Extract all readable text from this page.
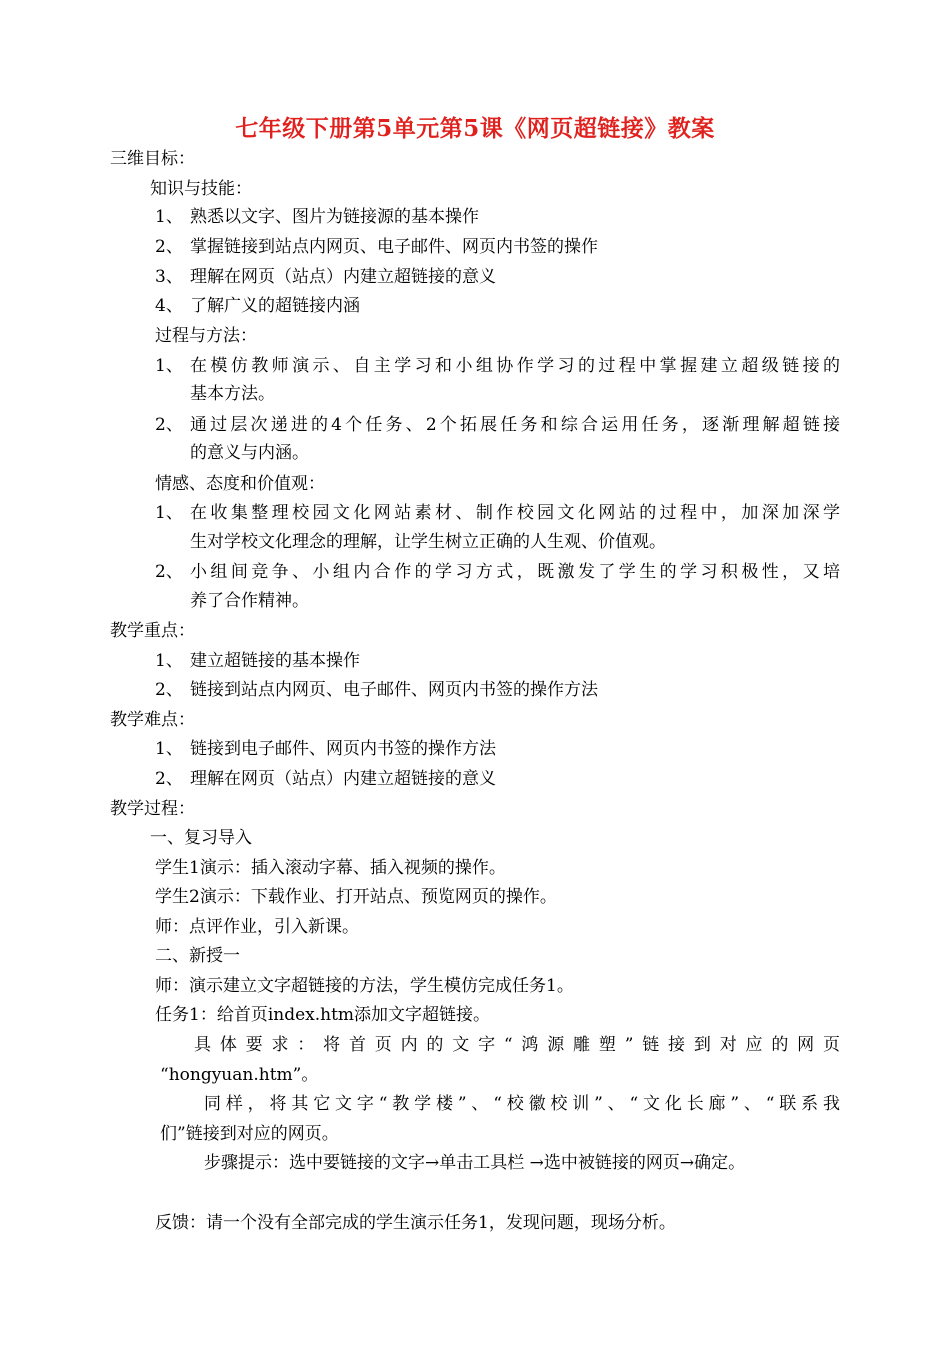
七年级下册第5单元第5课《网页超链接》教案
三维目标：
知识与技能：
1、 熟悉以文字、图片为链接源的基本操作
2、 掌握链接到站点内网页、电子邮件、网页内书签的操作
3、 理解在网页（站点）内建立超链接的意义
4、 了解广义的超链接内涵
过程与方法：
1、 在模仿教师演示、自主学习和小组协作学习的过程中掌握建立超级链接的
基本方法。
2、 通过层次递进的4个任务、2个拓展任务和综合运用任务，逐渐理解超链接
的意义与内涵。
情感、态度和价值观：
1、 在收集整理校园文化网站素材、制作校园文化网站的过程中，加深加深学
生对学校文化理念的理解，让学生树立正确的人生观、价值观。
2、 小组间竞争、小组内合作的学习方式，既激发了学生的学习积极性，又培
养了合作精神。
教学重点：
1、 建立超链接的基本操作
2、 链接到站点内网页、电子邮件、网页内书签的操作方法
教学难点：
1、 链接到电子邮件、网页内书签的操作方法
2、 理解在网页（站点）内建立超链接的意义
教学过程：
一、复习导入
学生1演示：插入滚动字幕、插入视频的操作。
学生2演示：下载作业、打开站点、预览网页的操作。
师：点评作业，引入新课。
二、新授一
师：演示建立文字超链接的方法，学生模仿完成任务1。
任务1：给首页index.htm添加文字超链接。
具体要求：将首页内的文字“鸿源雕塑”链接到对应的网页
“hongyuan.htm”。
同样，将其它文字“教学楼”、“校徽校训”、“文化长廊”、“联系我
们”链接到对应的网页。
步骤提示：选中要链接的文字→单击工具栏 →选中被链接的网页→确定。
反馈：请一个没有全部完成的学生演示任务1，发现问题，现场分析。
